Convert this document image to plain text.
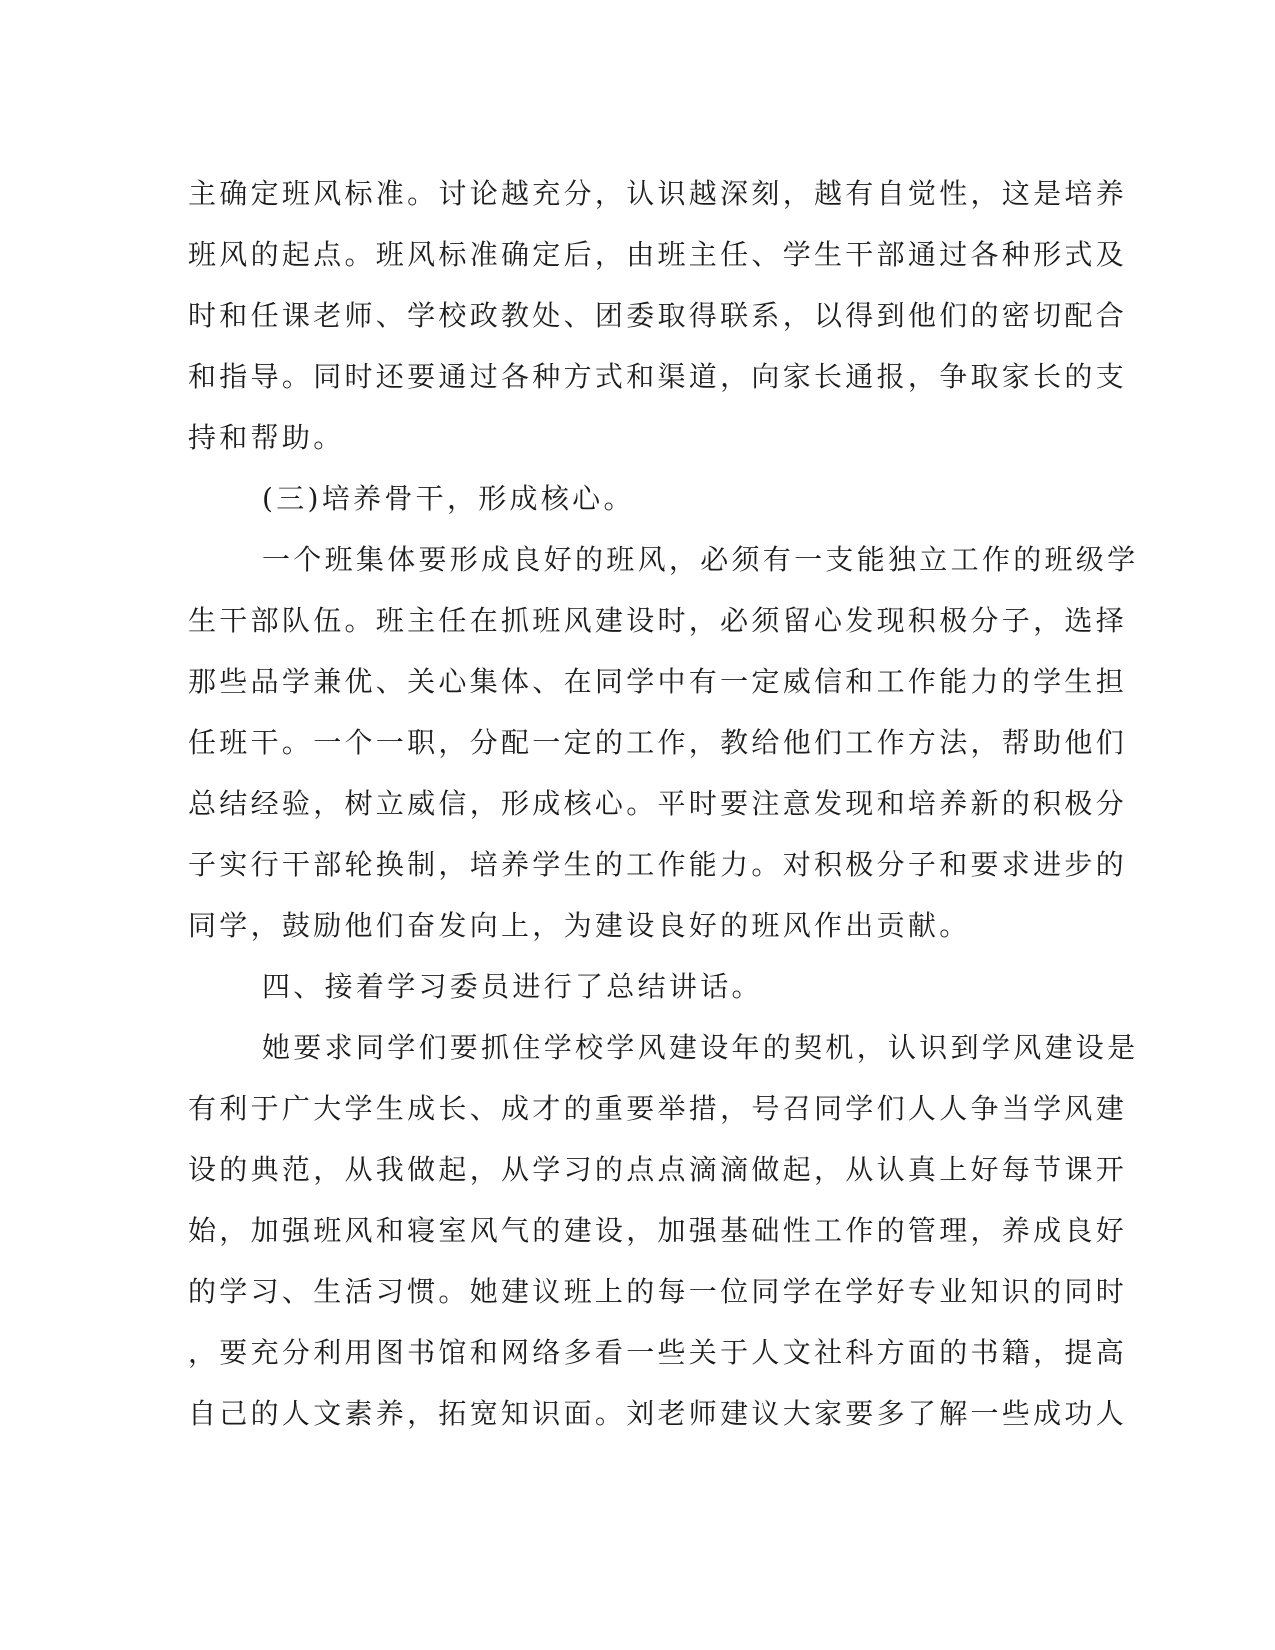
主确定班风标准。讨论越充分，认识越深刻，越有自觉性，这是培养
班风的起点。班风标准确定后，由班主任、学生干部通过各种形式及
时和任课老师、学校政教处、团委取得联系，以得到他们的密切配合
和指导。同时还要通过各种方式和渠道，向家长通报，争取家长的支
持和帮助。
(三)培养骨干，形成核心。
一个班集体要形成良好的班风，必须有一支能独立工作的班级学
生干部队伍。班主任在抓班风建设时，必须留心发现积极分子，选择
那些品学兼优、关心集体、在同学中有一定威信和工作能力的学生担
任班干。一个一职，分配一定的工作，教给他们工作方法，帮助他们
总结经验，树立威信，形成核心。平时要注意发现和培养新的积极分
子实行干部轮换制，培养学生的工作能力。对积极分子和要求进步的
同学，鼓励他们奋发向上，为建设良好的班风作出贡献。
四、接着学习委员进行了总结讲话。
她要求同学们要抓住学校学风建设年的契机，认识到学风建设是
有利于广大学生成长、成才的重要举措，号召同学们人人争当学风建
设的典范，从我做起，从学习的点点滴滴做起，从认真上好每节课开
始，加强班风和寝室风气的建设，加强基础性工作的管理，养成良好
的学习、生活习惯。她建议班上的每一位同学在学好专业知识的同时
，要充分利用图书馆和网络多看一些关于人文社科方面的书籍，提高
自己的人文素养，拓宽知识面。刘老师建议大家要多了解一些成功人
